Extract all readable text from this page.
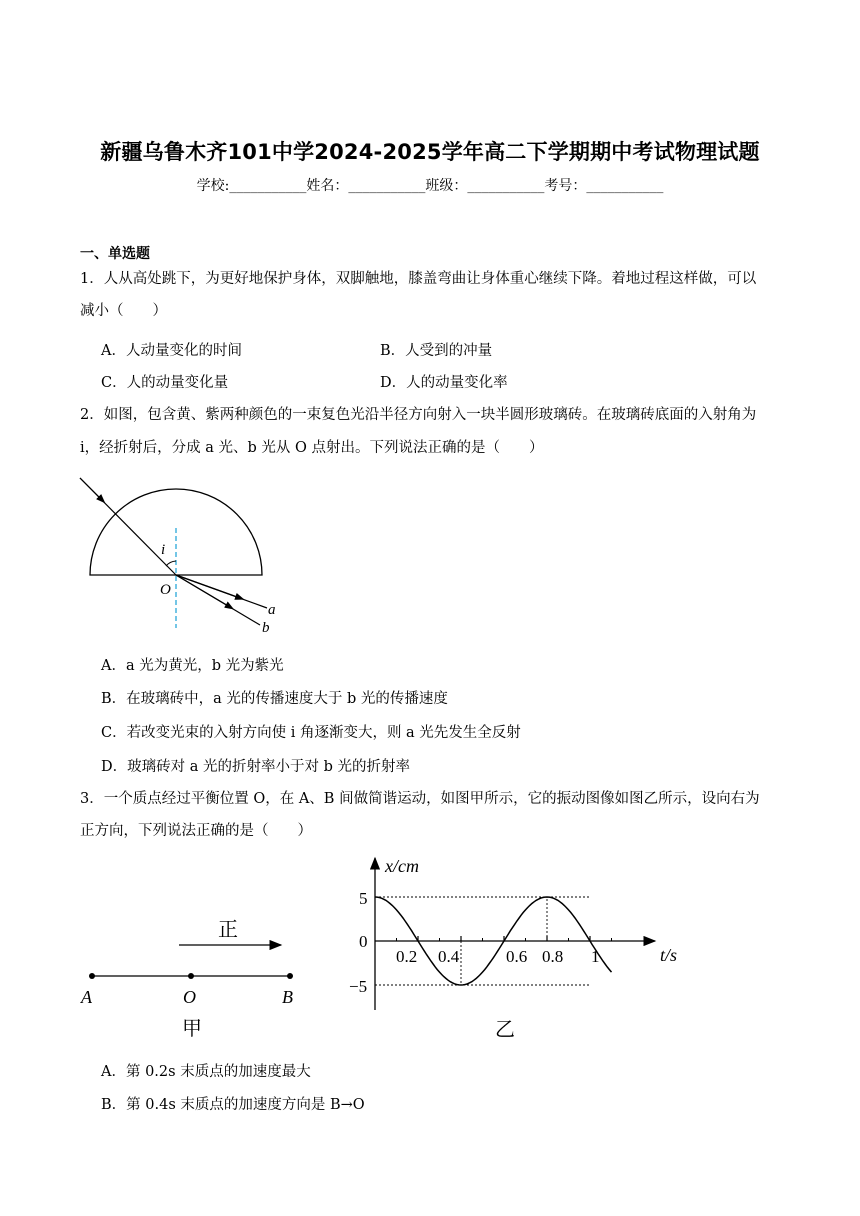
新疆乌鲁木齐101中学2024-2025学年高二下学期期中考试物理试题
学校:___________姓名：___________班级：___________考号：___________
一、单选题
1．人从高处跳下，为更好地保护身体，双脚触地，膝盖弯曲让身体重心继续下降。着地过程这样做，可以
减小（　　）
A．人动量变化的时间	B．人受到的冲量
C．人的动量变化量	D．人的动量变化率
2．如图，包含黄、紫两种颜色的一束复色光沿半径方向射入一块半圆形玻璃砖。在玻璃砖底面的入射角为
i，经折射后，分成 a 光、b 光从 O 点射出。下列说法正确的是（　　）
i
O
a
b
A．a 光为黄光，b 光为紫光
B．在玻璃砖中，a 光的传播速度大于 b 光的传播速度
C．若改变光束的入射方向使 i 角逐渐变大，则 a 光先发生全反射
D．玻璃砖对 a 光的折射率小于对 b 光的折射率
3．一个质点经过平衡位置 O，在 A、B 间做简谐运动，如图甲所示，它的振动图像如图乙所示，设向右为
正方向，下列说法正确的是（　　）
正
A	O	B
甲
x/cm
t/s
0
5
−5
0.2 0.4	0.6 0.8 1
乙
A．第 0.2s 末质点的加速度最大
B．第 0.4s 末质点的加速度方向是 B→O
